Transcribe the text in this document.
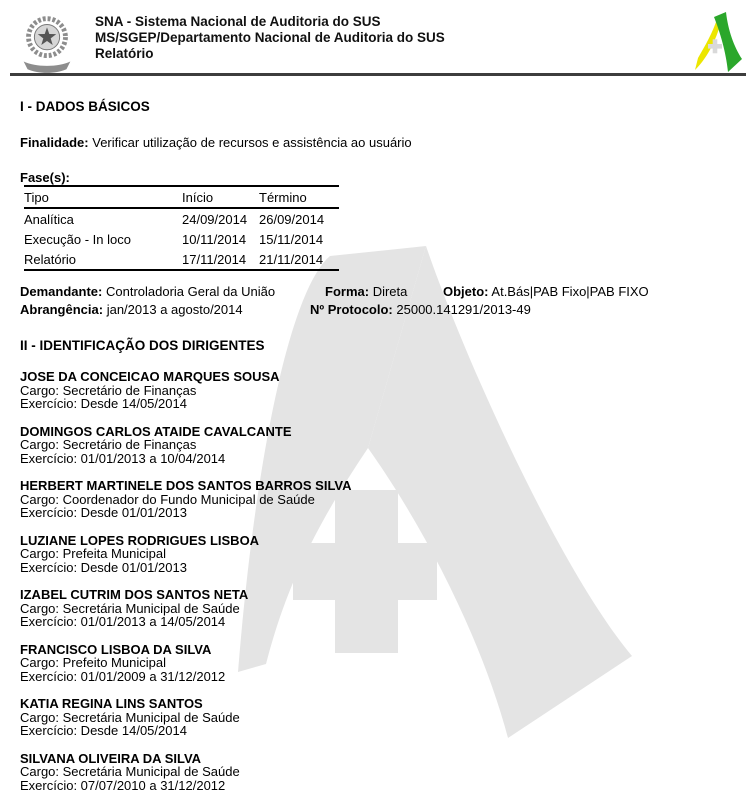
SNA - Sistema Nacional de Auditoria do SUS
MS/SGEP/Departamento Nacional de Auditoria do SUS
Relatório
I - DADOS BÁSICOS

Finalidade: Verificar utilização de recursos e assistência ao usuário

Fase(s):
Tipo	Início	Término
Analítica	24/09/2014	26/09/2014
Execução - In loco	10/11/2014	15/11/2014
Relatório	17/11/2014	21/11/2014
Demandante: Controladoria Geral da União	Forma: Direta	Objeto: At.Bás|PAB Fixo|PAB FIXO
Abrangência: jan/2013 a agosto/2014	Nº Protocolo: 25000.141291/2013-49
II - IDENTIFICAÇÃO DOS DIRIGENTES
JOSE DA CONCEICAO MARQUES SOUSA
Cargo: Secretário de Finanças
Exercício: Desde 14/05/2014
DOMINGOS CARLOS ATAIDE CAVALCANTE
Cargo: Secretário de Finanças
Exercício: 01/01/2013 a 10/04/2014
HERBERT MARTINELE DOS SANTOS BARROS SILVA
Cargo: Coordenador do Fundo Municipal de Saúde
Exercício: Desde 01/01/2013
LUZIANE LOPES RODRIGUES LISBOA
Cargo: Prefeita Municipal
Exercício: Desde 01/01/2013
IZABEL CUTRIM DOS SANTOS NETA
Cargo: Secretária Municipal de Saúde
Exercício: 01/01/2013 a 14/05/2014
FRANCISCO LISBOA DA SILVA
Cargo: Prefeito Municipal
Exercício: 01/01/2009 a 31/12/2012
KATIA REGINA LINS SANTOS
Cargo: Secretária Municipal de Saúde
Exercício: Desde 14/05/2014
SILVANA OLIVEIRA DA SILVA
Cargo: Secretária Municipal de Saúde
Exercício: 07/07/2010 a 31/12/2012
